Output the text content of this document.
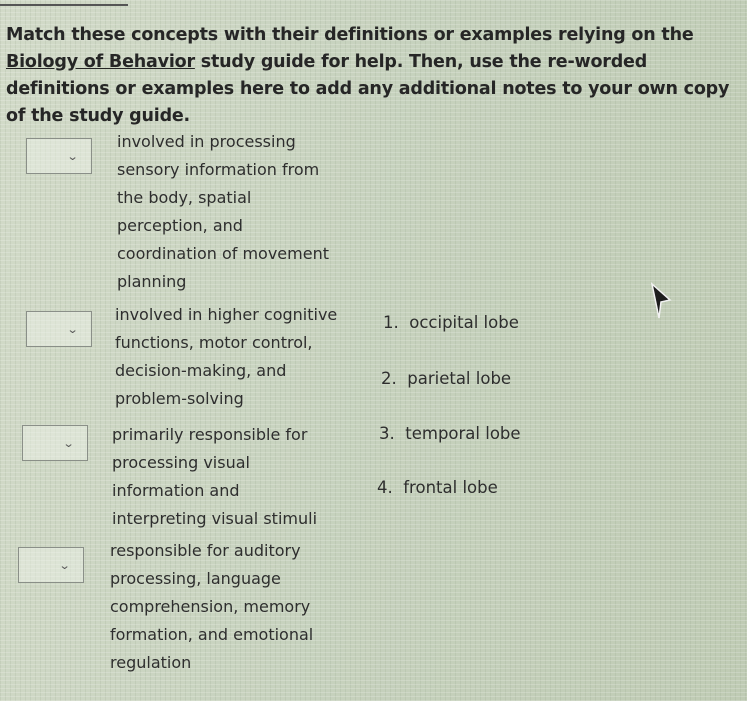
Match these concepts with their definitions or examples relying on the Biology of Behavior study guide for help. Then, use the re-worded definitions or examples here to add any additional notes to your own copy of the study guide.
⌄
involved in processing
sensory information from
the body, spatial
perception, and
coordination of movement
planning
⌄
involved in higher cognitive
functions, motor control,
decision-making, and
problem-solving
⌄ primarily responsible for
processing visual
information and
interpreting visual stimuli
⌄
responsible for auditory
processing, language
comprehension, memory
formation, and emotional
regulation
1. occipital lobe
2. parietal lobe
3. temporal lobe
4. frontal lobe
